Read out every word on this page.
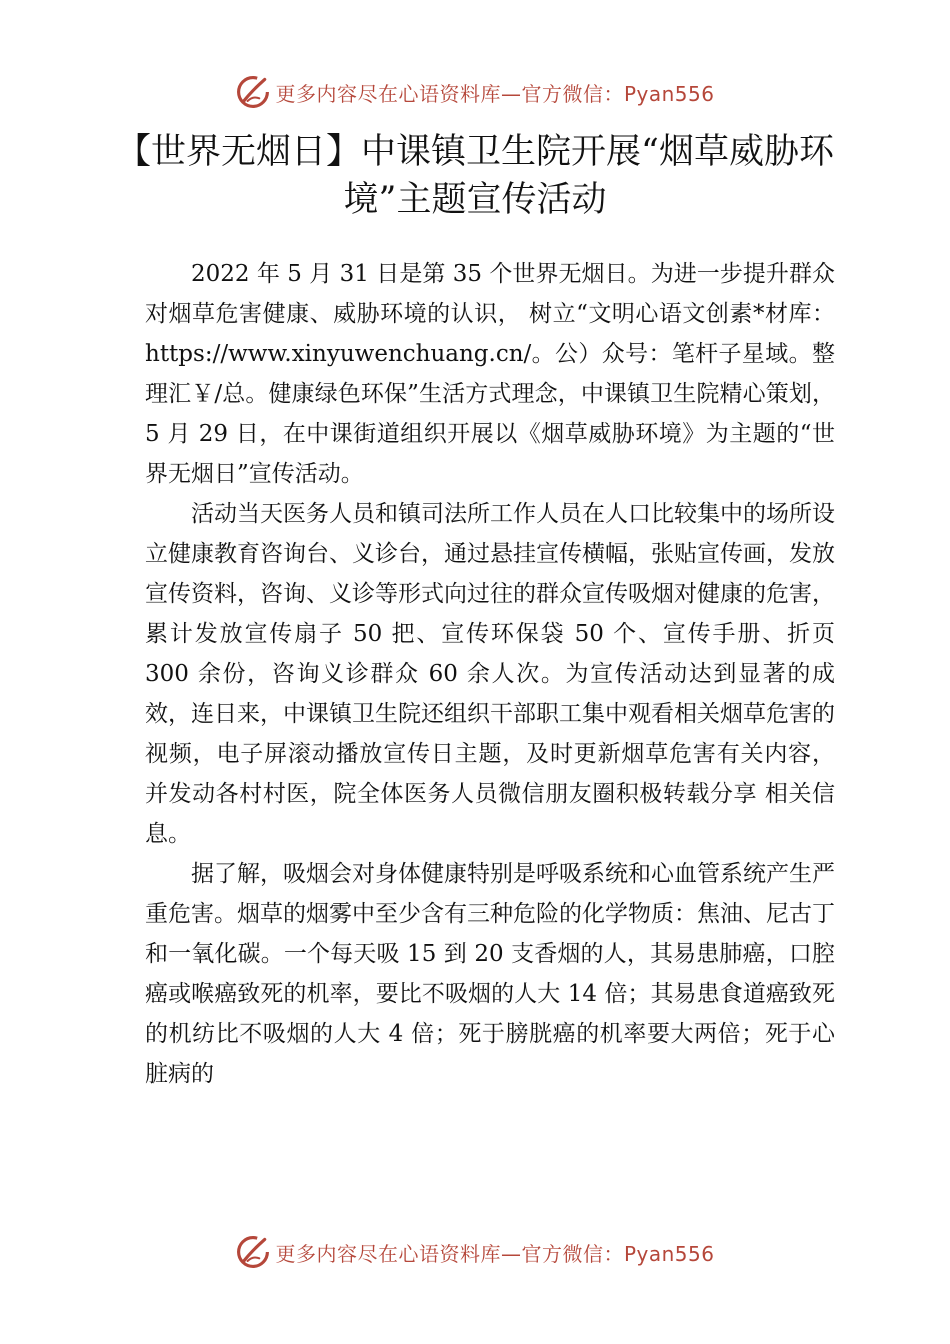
更多内容尽在心语资料库—官方微信：Pyan556
【世界无烟日】中课镇卫生院开展“烟草威胁环境”主题宣传活动

2022 年 5 月 31 日是第 35 个世界无烟日。为进一步提升群众对烟草危害健康、威胁环境的认识， 树立“文明心语文创素*材库：https://www.xinyuwenchuang.cn/。公）众号：笔杆子星域。整理汇￥/总。健康绿色环保”生活方式理念，中课镇卫生院精心策划，5 月 29 日，在中课街道组织开展以《烟草威胁环境》为主题的“世界无烟日”宣传活动。

活动当天医务人员和镇司法所工作人员在人口比较集中的场所设立健康教育咨询台、义诊台，通过悬挂宣传横幅，张贴宣传画，发放宣传资料，咨询、义诊等形式向过往的群众宣传吸烟对健康的危害，累计发放宣传扇子 50 把、宣传环保袋 50 个、宣传手册、折页 300 余份，咨询义诊群众 60 余人次。为宣传活动达到显著的成效，连日来，中课镇卫生院还组织干部职工集中观看相关烟草危害的视频，电子屏滚动播放宣传日主题，及时更新烟草危害有关内容， 并发动各村村医，院全体医务人员微信朋友圈积极转载分享 相关信息。

据了解，吸烟会对身体健康特别是呼吸系统和心血管系统产生严重危害。烟草的烟雾中至少含有三种危险的化学物质：焦油、尼古丁和一氧化碳。一个每天吸 15 到 20 支香烟的人，其易患肺癌，口腔癌或喉癌致死的机率，要比不吸烟的人大 14 倍；其易患食道癌致死的机纺比不吸烟的人大 4 倍；死于膀胱癌的机率要大两倍；死于心脏病的

更多内容尽在心语资料库—官方微信：Pyan556
